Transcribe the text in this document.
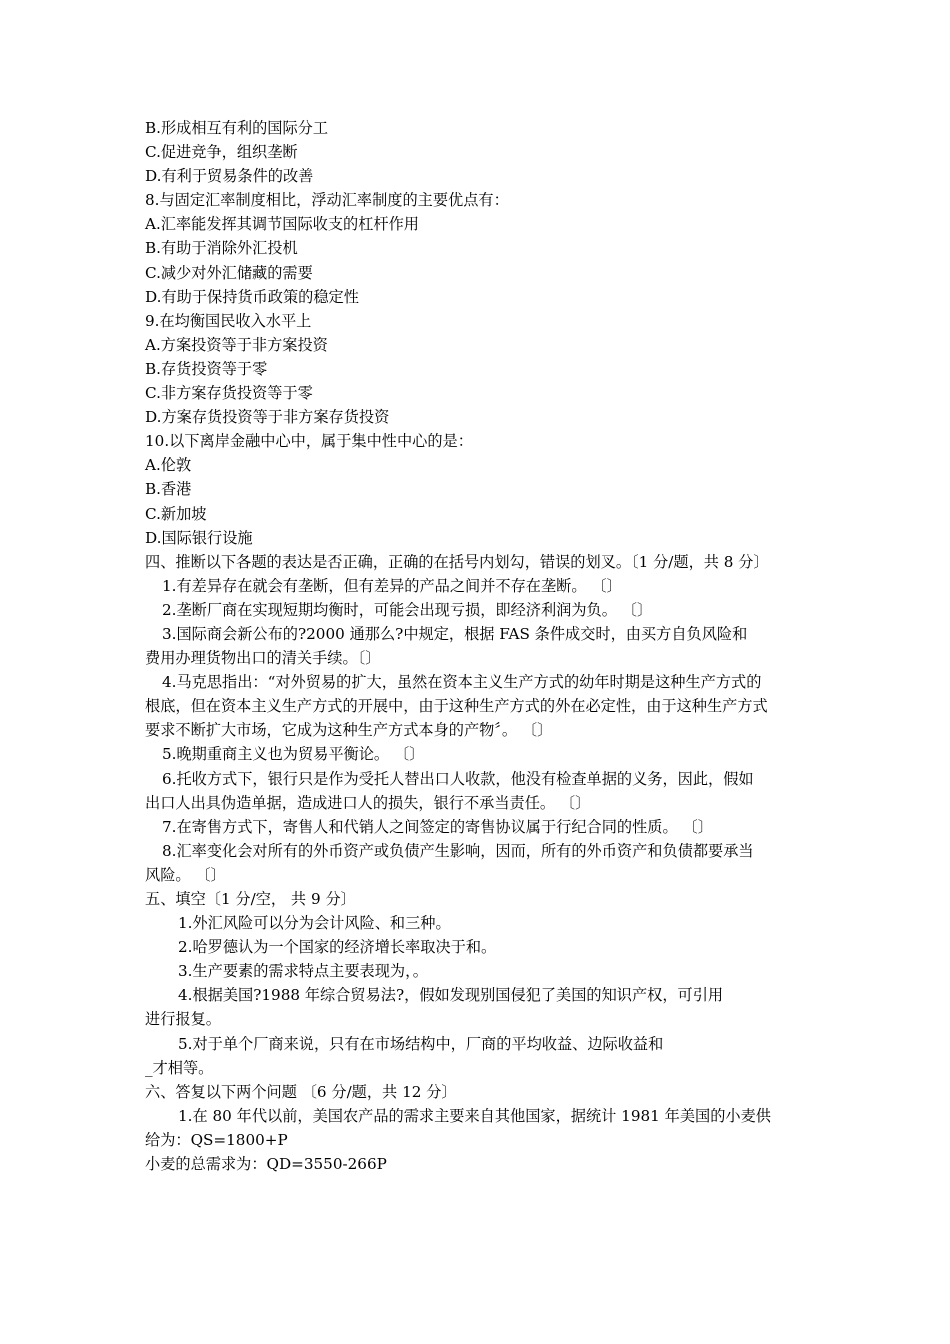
B.形成相互有利的国际分工
C.促进竞争，组织垄断
D.有利于贸易条件的改善
8.与固定汇率制度相比，浮动汇率制度的主要优点有：
A.汇率能发挥其调节国际收支的杠杆作用
B.有助于消除外汇投机
C.减少对外汇储藏的需要
D.有助于保持货币政策的稳定性
9.在均衡国民收入水平上
A.方案投资等于非方案投资
B.存货投资等于零
C.非方案存货投资等于零
D.方案存货投资等于非方案存货投资
10.以下离岸金融中心中，属于集中性中心的是：
A.伦敦
B.香港
C.新加坡
D.国际银行设施
四、推断以下各题的表达是否正确，正确的在括号内划勾，错误的划叉。〔1 分/题，共 8 分〕
1.有差异存在就会有垄断，但有差异的产品之间并不存在垄断。 〔〕
2.垄断厂商在实现短期均衡时，可能会出现亏损，即经济利润为负。 〔〕
3.国际商会新公布的?2000 通那么?中规定，根据 FAS 条件成交时，由买方自负风险和
费用办理货物出口的清关手续。〔〕
4.马克思指出：“对外贸易的扩大，虽然在资本主义生产方式的幼年时期是这种生产方式的
根底，但在资本主义生产方式的开展中，由于这种生产方式的外在必定性，由于这种生产方式
要求不断扩大市场，它成为这种生产方式本身的产物〞。 〔〕
5.晚期重商主义也为贸易平衡论。 〔〕
6.托收方式下，银行只是作为受托人替出口人收款，他没有检查单据的义务，因此，假如
出口人出具伪造单据，造成进口人的损失，银行不承当责任。 〔〕
7.在寄售方式下，寄售人和代销人之间签定的寄售协议属于行纪合同的性质。 〔〕
8.汇率变化会对所有的外币资产或负债产生影响，因而，所有的外币资产和负债都要承当
风险。 〔〕
五、填空〔1 分/空， 共 9 分〕
1.外汇风险可以分为会计风险、和三种。
2.哈罗德认为一个国家的经济增长率取决于和。
3.生产要素的需求特点主要表现为，。
4.根据美国?1988 年综合贸易法?，假如发现别国侵犯了美国的知识产权，可引用
进行报复。
5.对于单个厂商来说，只有在市场结构中，厂商的平均收益、边际收益和
_才相等。
六、答复以下两个问题 〔6 分/题，共 12 分〕
1.在 80 年代以前，美国农产品的需求主要来自其他国家，据统计 1981 年美国的小麦供
给为：QS=1800+P
小麦的总需求为：QD=3550-266P
